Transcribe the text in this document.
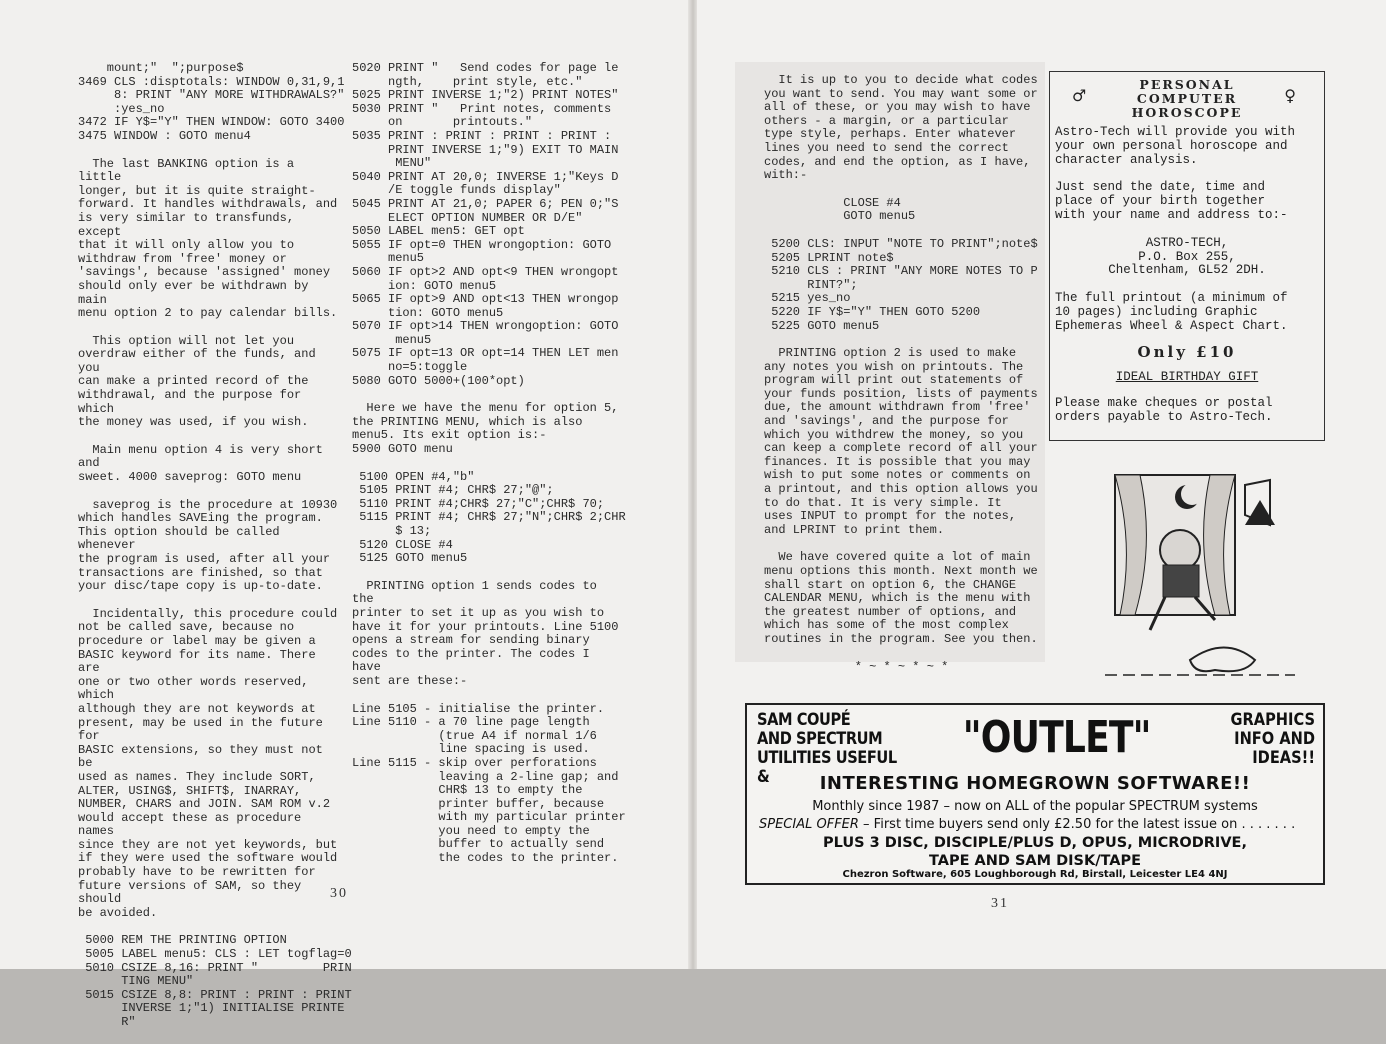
mount;"  ";purpose$
3469 CLS :disptotals: WINDOW 0,31,9,1
8: PRINT "ANY MORE WITHDRAWALS?"
:yes_no
3472 IF Y$="Y" THEN WINDOW: GOTO 3400
3475 WINDOW : GOTO menu4

The last BANKING option is a little
longer, but it is quite straight-
forward. It handles withdrawals, and
is very similar to transfunds, except
that it will only allow you to
withdraw from 'free' money or
'savings', because 'assigned' money
should only ever be withdrawn by main
menu option 2 to pay calendar bills.

This option will not let you
overdraw either of the funds, and you
can make a printed record of the
withdrawal, and the purpose for which
the money was used, if you wish.

Main menu option 4 is very short and
sweet. 4000 saveprog: GOTO menu

saveprog is the procedure at 10930
which handles SAVEing the program.
This option should be called whenever
the program is used, after all your
transactions are finished, so that
your disc/tape copy is up-to-date.

Incidentally, this procedure could
not be called save, because no
procedure or label may be given a
BASIC keyword for its name. There are
one or two other words reserved, which
although they are not keywords at
present, may be used in the future for
BASIC extensions, so they must not be
used as names. They include SORT,
ALTER, USING$, SHIFT$, INARRAY,
NUMBER, CHARS and JOIN. SAM ROM v.2
would accept these as procedure names
since they are not yet keywords, but
if they were used the software would
probably have to be rewritten for
future versions of SAM, so they should
be avoided.

5000 REM THE PRINTING OPTION
5005 LABEL menu5: CLS : LET togflag=0
5010 CSIZE 8,16: PRINT "         PRIN
TING MENU"
5015 CSIZE 8,8: PRINT : PRINT : PRINT
INVERSE 1;"1) INITIALISE PRINTE
R"
5020 PRINT "   Send codes for page le
ngth,    print style, etc."
5025 PRINT INVERSE 1;"2) PRINT NOTES"
5030 PRINT "   Print notes, comments
on       printouts."
5035 PRINT : PRINT : PRINT : PRINT :
PRINT INVERSE 1;"9) EXIT TO MAIN
MENU"
5040 PRINT AT 20,0; INVERSE 1;"Keys D
/E toggle funds display"
5045 PRINT AT 21,0; PAPER 6; PEN 0;"S
ELECT OPTION NUMBER OR D/E"
5050 LABEL men5: GET opt
5055 IF opt=0 THEN wrongoption: GOTO
menu5
5060 IF opt>2 AND opt<9 THEN wrongopt
ion: GOTO menu5
5065 IF opt>9 AND opt<13 THEN wrongop
tion: GOTO menu5
5070 IF opt>14 THEN wrongoption: GOTO
menu5
5075 IF opt=13 OR opt=14 THEN LET men
no=5:toggle
5080 GOTO 5000+(100*opt)

Here we have the menu for option 5,
the PRINTING MENU, which is also
menu5. Its exit option is:-
5900 GOTO menu

5100 OPEN #4,"b"
5105 PRINT #4; CHR$ 27;"@";
5110 PRINT #4;CHR$ 27;"C";CHR$ 70;
5115 PRINT #4; CHR$ 27;"N";CHR$ 2;CHR
$ 13;
5120 CLOSE #4
5125 GOTO menu5

PRINTING option 1 sends codes to the
printer to set it up as you wish to
have it for your printouts. Line 5100
opens a stream for sending binary
codes to the printer. The codes I have
sent are these:-

Line 5105 - initialise the printer.
Line 5110 - a 70 line page length
(true A4 if normal 1/6
line spacing is used.
Line 5115 - skip over perforations
leaving a 2-line gap; and
CHR$ 13 to empty the
printer buffer, because
with my particular printer
you need to empty the
buffer to actually send
the codes to the printer.
30

It is up to you to decide what codes
you want to send. You may want some or
all of these, or you may wish to have
others - a margin, or a particular
type style, perhaps. Enter whatever
lines you need to send the correct
codes, and end the option, as I have,
with:-

CLOSE #4
GOTO menu5
5200 CLS: INPUT "NOTE TO PRINT";note$
5205 LPRINT note$
5210 CLS : PRINT "ANY MORE NOTES TO P
RINT?";
5215 yes_no
5220 IF Y$="Y" THEN GOTO 5200
5225 GOTO menu5

PRINTING option 2 is used to make
any notes you wish on printouts. The
program will print out statements of
your funds position, lists of payments
due, the amount withdrawn from 'free'
and 'savings', and the purpose for
which you withdrew the money, so you
can keep a complete record of all your
finances. It is possible that you may
wish to put some notes or comments on
a printout, and this option allows you
to do that. It is very simple. It
uses INPUT to prompt for the notes,
and LPRINT to print them.

We have covered quite a lot of main
menu options this month. Next month we
shall start on option 6, the CHANGE
CALENDAR MENU, which is the menu with
the greatest number of options, and
which has some of the most complex
routines in the program. See you then.

* ~ * ~ * ~ *
PERSONAL
COMPUTER
HOROSCOPE
♂	♀

Astro-Tech will provide you with
your own personal horoscope and
character analysis.

Just send the date, time and
place of your birth together
with your name and address to:-

ASTRO-TECH,
P.O. Box 255,
Cheltenham, GL52 2DH.

The full printout (a minimum of
10 pages) including Graphic
Ephemeras Wheel & Aspect Chart.

Only £10

IDEAL BIRTHDAY GIFT

Please make cheques or postal
orders payable to Astro-Tech.

SAM COUPÉ
AND SPECTRUM
UTILITIES USEFUL &
"OUTLET"	GRAPHICS
INFO AND
IDEAS!!
INTERESTING HOMEGROWN SOFTWARE!!
Monthly since 1987 – now on ALL of the popular SPECTRUM systems
SPECIAL OFFER – First time buyers send only £2.50 for the latest issue on . . . . . . .
PLUS 3 DISC, DISCIPLE/PLUS D, OPUS, MICRODRIVE,
TAPE AND SAM DISK/TAPE
Chezron Software, 605 Loughborough Rd, Birstall, Leicester LE4 4NJ
31
